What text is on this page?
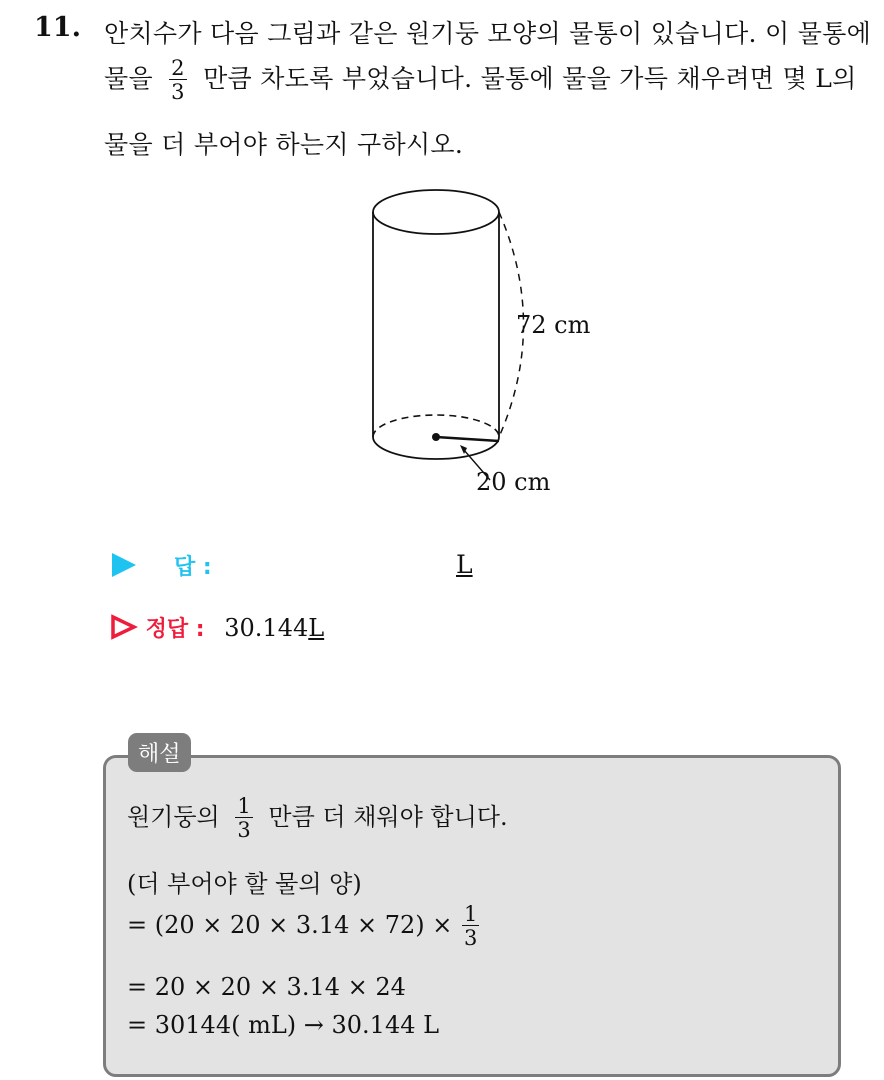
11. 안치수가 다음 그림과 같은 원기둥 모양의 물통이 있습니다. 이 물통에
물을 $\frac{2}{3}$ 만큼 차도록 부었습니다. 물통에 물을 가득 채우려면 몇 L의
물을 더 부어야 하는지 구하시오.
72 cm
20 cm
답 :	L
정답 : 30.144L
해설
원기둥의 $\frac{1}{3}$ 만큼 더 채워야 합니다.
(더 부어야 할 물의 양)
= $(20 \times 20 \times 3.14 \times 72) \times \frac{1}{3}$
= 20 × 20 × 3.14 × 24
= 30144( mL) → 30.144 L
